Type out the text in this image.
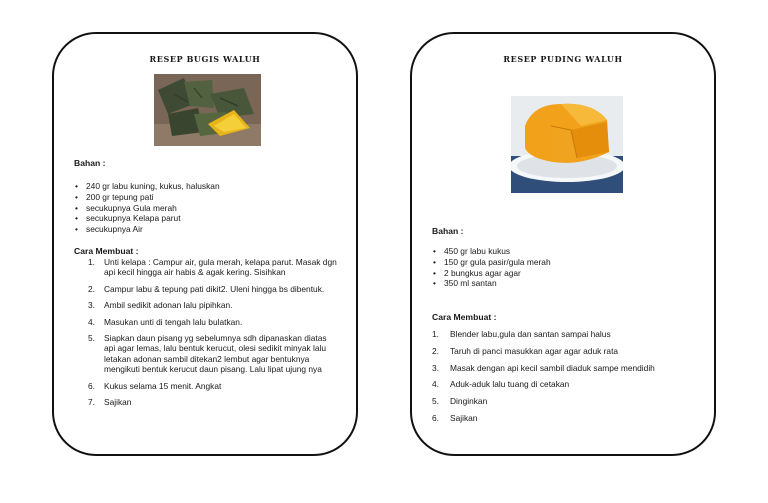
RESEP BUGIS WALUH
Bahan :
• 240 gr labu kuning, kukus, haluskan
• 200 gr tepung pati
• secukupnya Gula merah
• secukupnya Kelapa parut
• secukupnya Air
Cara Membuat :
1.	Unti kelapa : Campur air, gula merah, kelapa parut. Masak dgn api kecil hingga air habis & agak kering. Sisihkan
2.	Campur labu & tepung pati dikit2. Uleni hingga bs dibentuk.
3.	Ambil sedikit adonan lalu pipihkan.
4.	Masukan unti di tengah lalu bulatkan.
5.	Siapkan daun pisang yg sebelumnya sdh dipanaskan diatas api agar lemas, lalu bentuk kerucut, olesi sedikit minyak lalu letakan adonan sambil ditekan2 lembut agar bentuknya mengikuti bentuk kerucut daun pisang. Lalu lipat ujung nya
6.	Kukus selama 15 menit. Angkat
7.	Sajikan
RESEP PUDING WALUH
Bahan :
• 450 gr labu kukus
• 150 gr gula pasir/gula merah
• 2 bungkus agar agar
• 350 ml santan
Cara Membuat :
1.	Blender labu,gula dan santan sampai halus
2.	Taruh di panci masukkan agar agar aduk rata
3.	Masak dengan api kecil sambil diaduk sampe mendidih
4.	Aduk-aduk lalu tuang di cetakan
5.	Dinginkan
6.	Sajikan
